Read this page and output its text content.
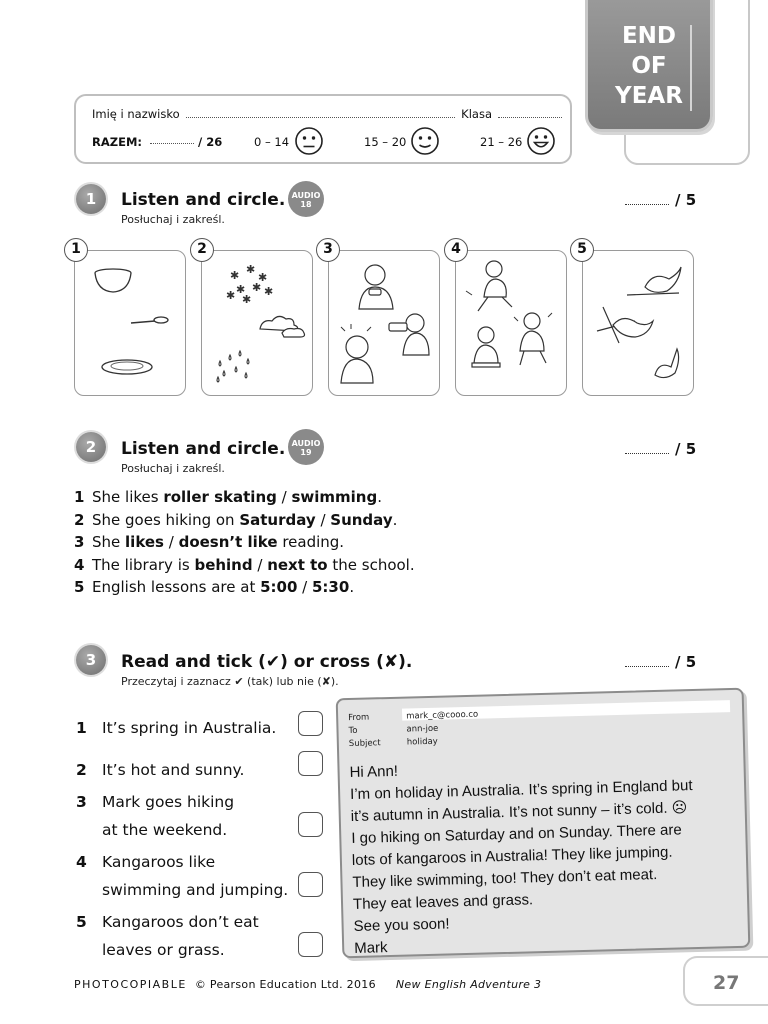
END
OF
YEAR
Imię i nazwisko	Klasa
RAZEM:	/ 26	0 – 14	15 – 20	21 – 26
1	Listen and circle.
Posłuchaj i zakreśl.
AUDIO
18	/ 5
1
✱ ✱
✱
✱ ✱ ✱
✱
✱
2	3	4	5
2	Listen and circle.
Posłuchaj i zakreśl.
AUDIO
19	/ 5
1 She likes roller skating / swimming.
2 She goes hiking on Saturday / Sunday.
3 She likes / doesn’t like reading.
4 The library is behind / next to the school.
5 English lessons are at 5:00 / 5:30.
3	Read and tick (✔) or cross (✘).
Przeczytaj i zaznacz ✔ (tak) lub nie (✘).
/ 5
1 It’s spring in Australia.
2 It’s hot and sunny.
3 Mark goes hiking
at the weekend.
4 Kangaroos like
swimming and jumping.
5 Kangaroos don’t eat
leaves or grass.
From	mark_c@cooo.co
To	ann-joe
Subject	holiday
Hi Ann!
I’m on holiday in Australia. It’s spring in England but
it’s autumn in Australia. It’s not sunny – it’s cold. ☹
I go hiking on Saturday and on Sunday. There are
lots of kangaroos in Australia! They like jumping.
They like swimming, too! They don’t eat meat.
They eat leaves and grass.
See you soon!
Mark
PHOTOCOPIABLE © Pearson Education Ltd. 2016 New English Adventure 3	27
